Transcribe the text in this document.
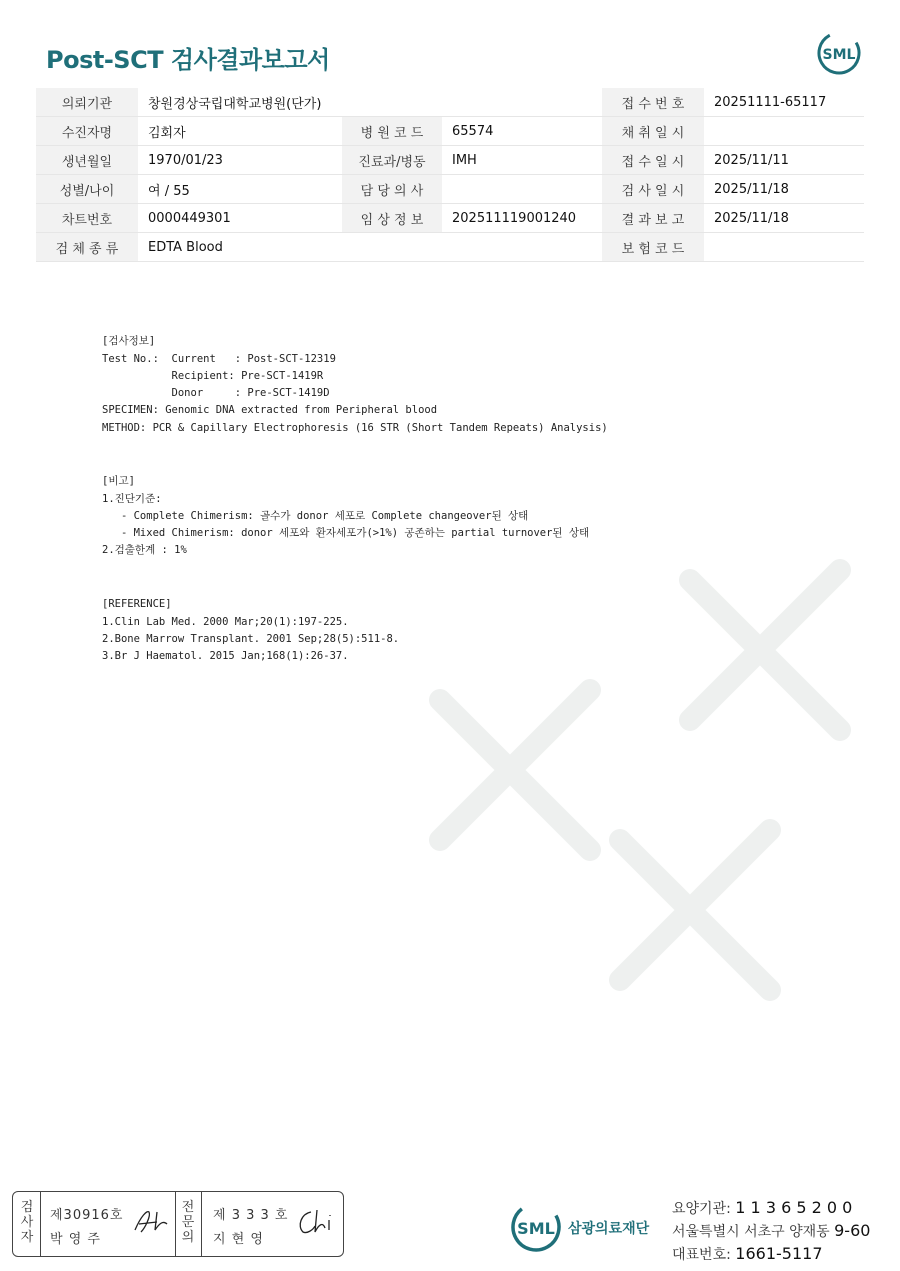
Post-SCT 검사결과보고서	SML
의뢰기관	창원경상국립대학교병원(단가)			접 수 번 호	20251111-65117
수진자명	김회자	병 원 코 드	65574	채 취 일 시	
생년월일	1970/01/23	진료과/병동	IMH	접 수 일 시	2025/11/11
성별/나이	여 / 55	담 당 의 사		검 사 일 시	2025/11/18
차트번호	0000449301	임 상 정 보	202511119001240	결 과 보 고	2025/11/18
검 체 종 류	EDTA Blood			보 험 코 드	

[검사정보]
Test No.:  Current   : Post-SCT-12319
Recipient: Pre-SCT-1419R
Donor     : Pre-SCT-1419D
SPECIMEN: Genomic DNA extracted from Peripheral blood
METHOD: PCR & Capillary Electrophoresis (16 STR (Short Tandem Repeats) Analysis)

[비고]
1.진단기준:
- Complete Chimerism: 골수가 donor 세포로 Complete changeover된 상태
- Mixed Chimerism: donor 세포와 환자세포가(>1%) 공존하는 partial turnover된 상태
2.검출한계 : 1%

[REFERENCE]
1.Clin Lab Med. 2000 Mar;20(1):197-225.
2.Bone Marrow Transplant. 2001 Sep;28(5):511-8.
3.Br J Haematol. 2015 Jan;168(1):26-37.

검
사
자
제30916호
박 영 주
전
문
의
제 3 3 3 호
지 현 영
SML 삼광의료재단
요양기관: 1 1 3 6 5 2 0 0
서울특별시 서초구 양재동 9-60
대표번호: 1661-5117
